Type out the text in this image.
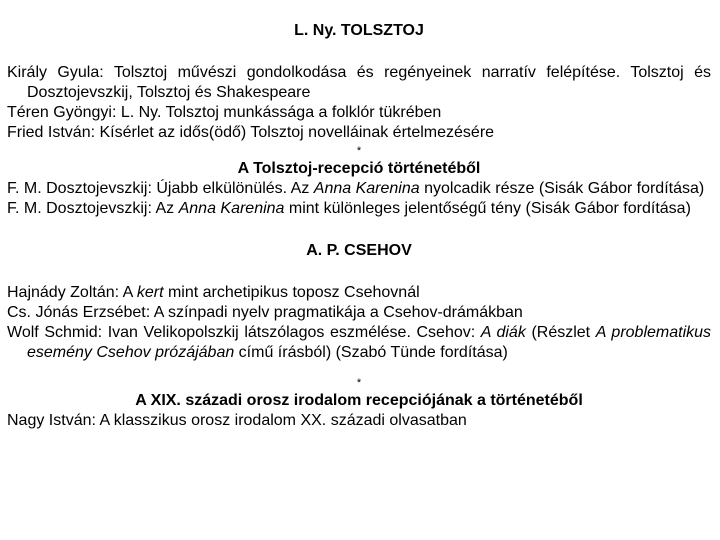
L. Ny. TOLSZTOJ
Király Gyula: Tolsztoj művészi gondolkodása és regényeinek narratív felépítése. Tolsztoj és Dosztojevszkij, Tolsztoj és Shakespeare
Téren Gyöngyi: L. Ny. Tolsztoj munkássága a folklór tükrében
Fried István: Kísérlet az idős(ödő) Tolsztoj novelláinak értelmezésére
*
A Tolsztoj-recepció történetéből
F. M. Dosztojevszkij: Újabb elkülönülés. Az Anna Karenina nyolcadik része (Sisák Gábor fordítása)
F. M. Dosztojevszkij: Az Anna Karenina mint különleges jelentőségű tény (Sisák Gábor fordítása)
A. P. CSEHOV
Hajnády Zoltán: A kert mint archetipikus toposz Csehovnál
Cs. Jónás Erzsébet: A színpadi nyelv pragmatikája a Csehov-drámákban
Wolf Schmid: Ivan Velikopolszkij látszólagos eszmélése. Csehov: A diák (Részlet A problematikus esemény Csehov prózájában című írásból) (Szabó Tünde fordítása)
*
A XIX. századi orosz irodalom recepciójának a történetéből
Nagy István: A klasszikus orosz irodalom XX. századi olvasatban
